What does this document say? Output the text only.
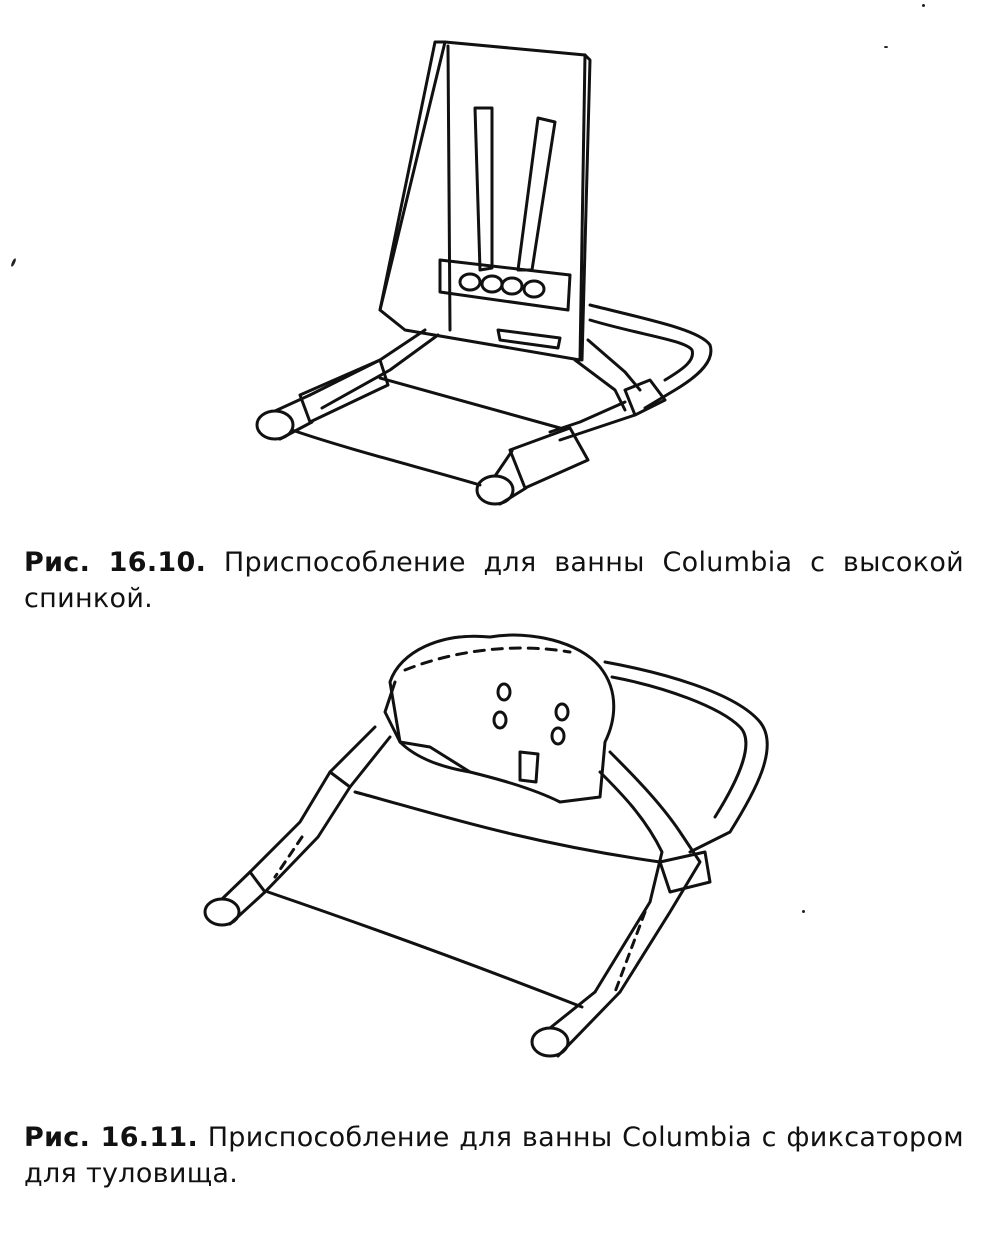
Рис. 16.10. Приспособление для ванны Columbia с высокой спинкой.
Рис. 16.11. Приспособление для ванны Columbia с фиксатором для туловища.
